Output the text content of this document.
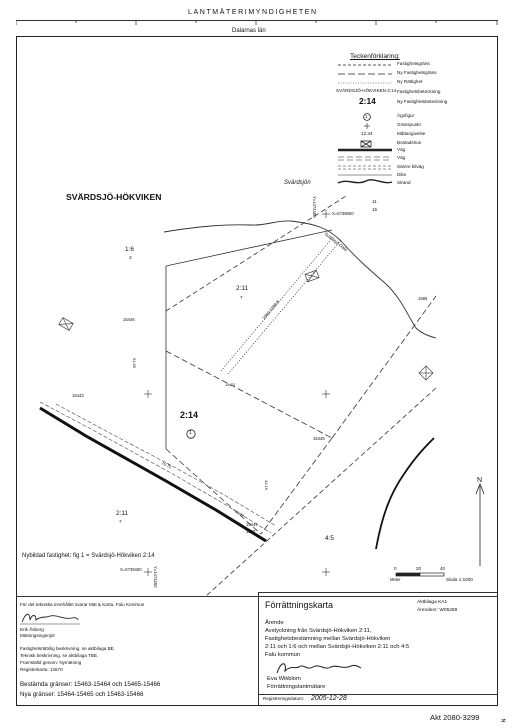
LANTMÄTERIMYNDIGHETEN
Dalarnas län
SVÄRDSJÖ-HÖKVIKEN
Svärdsjön
1:6
3
2:11
7
2:14
1
2:11
7
4:5
15446
15443
15445
1585
15444
1547
X=6739600
Y=1474400
X=6739400	Y=1474200
Svärdsjö-Dala
2080-3299 B
15:23
16.75
43.19
76.34
91.95
15
11
N
Meter
0	20	40
Skala 1:1000
Nybildad fastighet: fig 1 = Svärdsjö-Hökviken 2:14
Teckenförklaring:
Fastighetsgräns
Ny Fastighetsgräns
Ny Rättighet
SVÄRDSJÖ-HÖKVIKEN 2:14 Fastighetsbeteckning
2:14	Ny Fastighetsbeteckning
1	Ägofigur
Gränspunkt
12.34	Måttangivelse
Bostadshus
Väg
Väg
Sämre bilväg
Dike
Strand
För det tekniska innehållet svarar Mät & Karta, Falu Kommun
Erik Åsberg
Mätningsingenjör
Fastighetsrättslig beskrivning, se aktbilaga BE.
Teknisk beskrivning, se aktbilaga TBE.
Framställd genom: Nymätning
Registerkarta: 13670
Bestämda gränser: 15463-15464 och 15465-15466
Nya gränser: 15464-15465 och 15463-15466
Förrättningskarta	Aktbilaga KA1
Ärendenr: W05289
Ärende
Avstyckning från Svärdsjö-Hökviken 2:11,
Fastighetsbestämning mellan Svärdsjö-Hökviken
2:11 och 1:6 och mellan Svärdsjö-Hökviken 2:11 och 4:5
Falu kommun
Eva Wikblom
Förrättningslantmätare
Registreringsdatum: 2005-12-28
Akt 2080-3299	N
